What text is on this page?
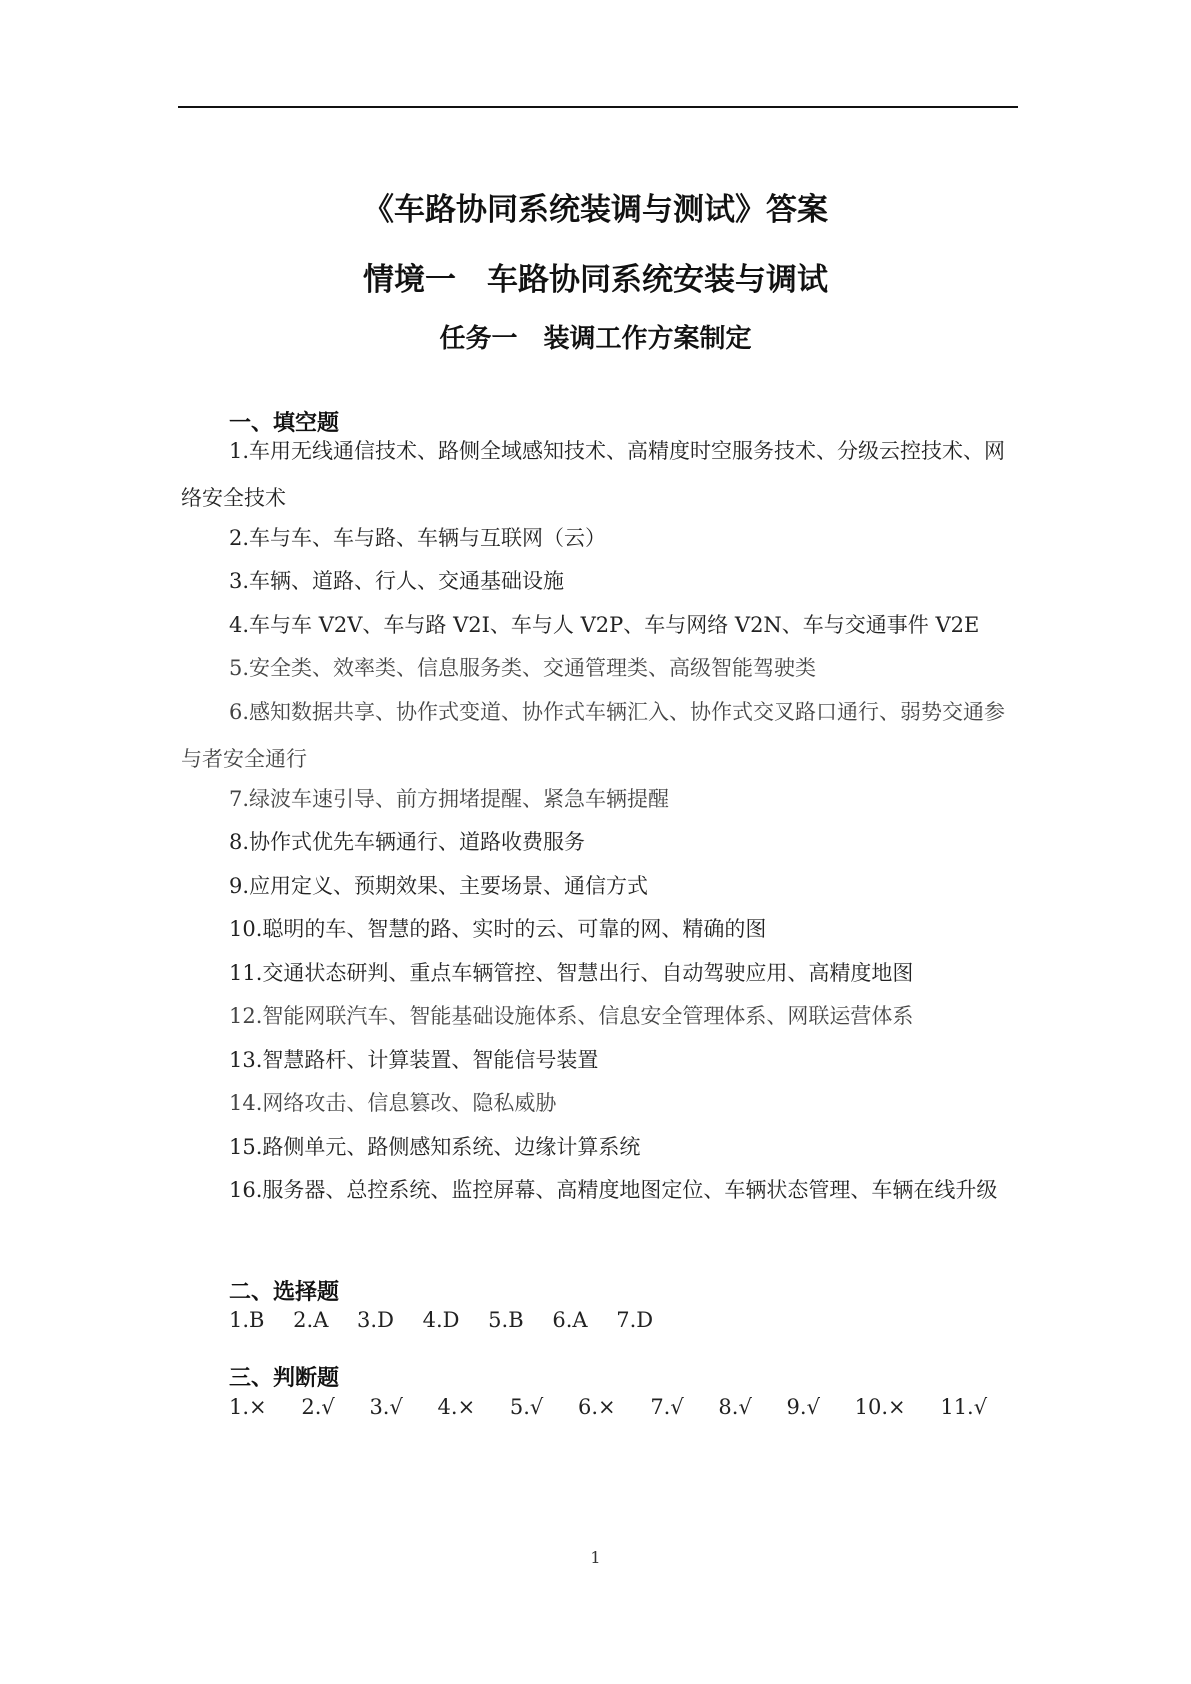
《车路协同系统装调与测试》答案
情境一　车路协同系统安装与调试
任务一　装调工作方案制定
一、填空题
1.车用无线通信技术、路侧全域感知技术、高精度时空服务技术、分级云控技术、网络安全技术
2.车与车、车与路、车辆与互联网（云）
3.车辆、道路、行人、交通基础设施
4.车与车 V2V、车与路 V2I、车与人 V2P、车与网络 V2N、车与交通事件 V2E
5.安全类、效率类、信息服务类、交通管理类、高级智能驾驶类
6.感知数据共享、协作式变道、协作式车辆汇入、协作式交叉路口通行、弱势交通参与者安全通行
7.绿波车速引导、前方拥堵提醒、紧急车辆提醒
8.协作式优先车辆通行、道路收费服务
9.应用定义、预期效果、主要场景、通信方式
10.聪明的车、智慧的路、实时的云、可靠的网、精确的图
11.交通状态研判、重点车辆管控、智慧出行、自动驾驶应用、高精度地图
12.智能网联汽车、智能基础设施体系、信息安全管理体系、网联运营体系
13.智慧路杆、计算装置、智能信号装置
14.网络攻击、信息篡改、隐私威胁
15.路侧单元、路侧感知系统、边缘计算系统
16.服务器、总控系统、监控屏幕、高精度地图定位、车辆状态管理、车辆在线升级
二、选择题
1.B 2.A 3.D 4.D 5.B 6.A 7.D
三、判断题
1.× 2.√ 3.√ 4.× 5.√ 6.× 7.√ 8.√ 9.√ 10.× 11.√
1
